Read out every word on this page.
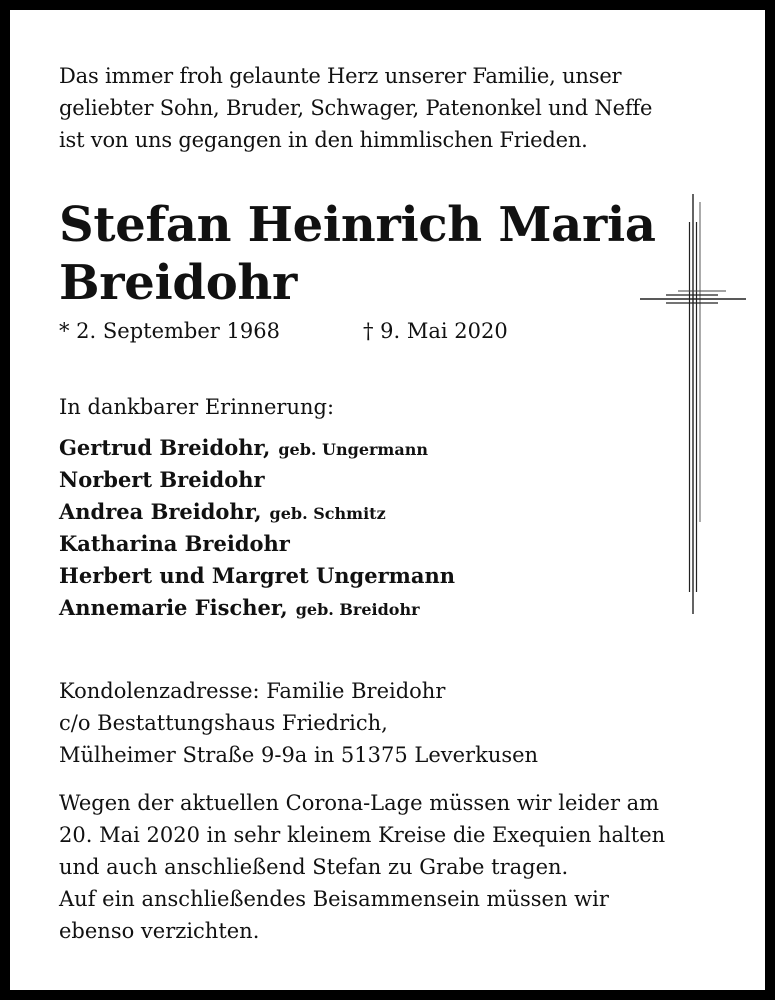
Das immer froh gelaunte Herz unserer Familie, unser
geliebter Sohn, Bruder, Schwager, Patenonkel und Neffe
ist von uns gegangen in den himmlischen Frieden.
Stefan Heinrich Maria
Breidohr
* 2. September 1968	† 9. Mai 2020
In dankbarer Erinnerung:
Gertrud Breidohr, geb. Ungermann
Norbert Breidohr
Andrea Breidohr, geb. Schmitz
Katharina Breidohr
Herbert und Margret Ungermann
Annemarie Fischer, geb. Breidohr
Kondolenzadresse: Familie Breidohr
c/o Bestattungshaus Friedrich,
Mülheimer Straße 9-9a in 51375 Leverkusen
Wegen der aktuellen Corona-Lage müssen wir leider am
20. Mai 2020 in sehr kleinem Kreise die Exequien halten
und auch anschließend Stefan zu Grabe tragen.
Auf ein anschließendes Beisammensein müssen wir
ebenso verzichten.
